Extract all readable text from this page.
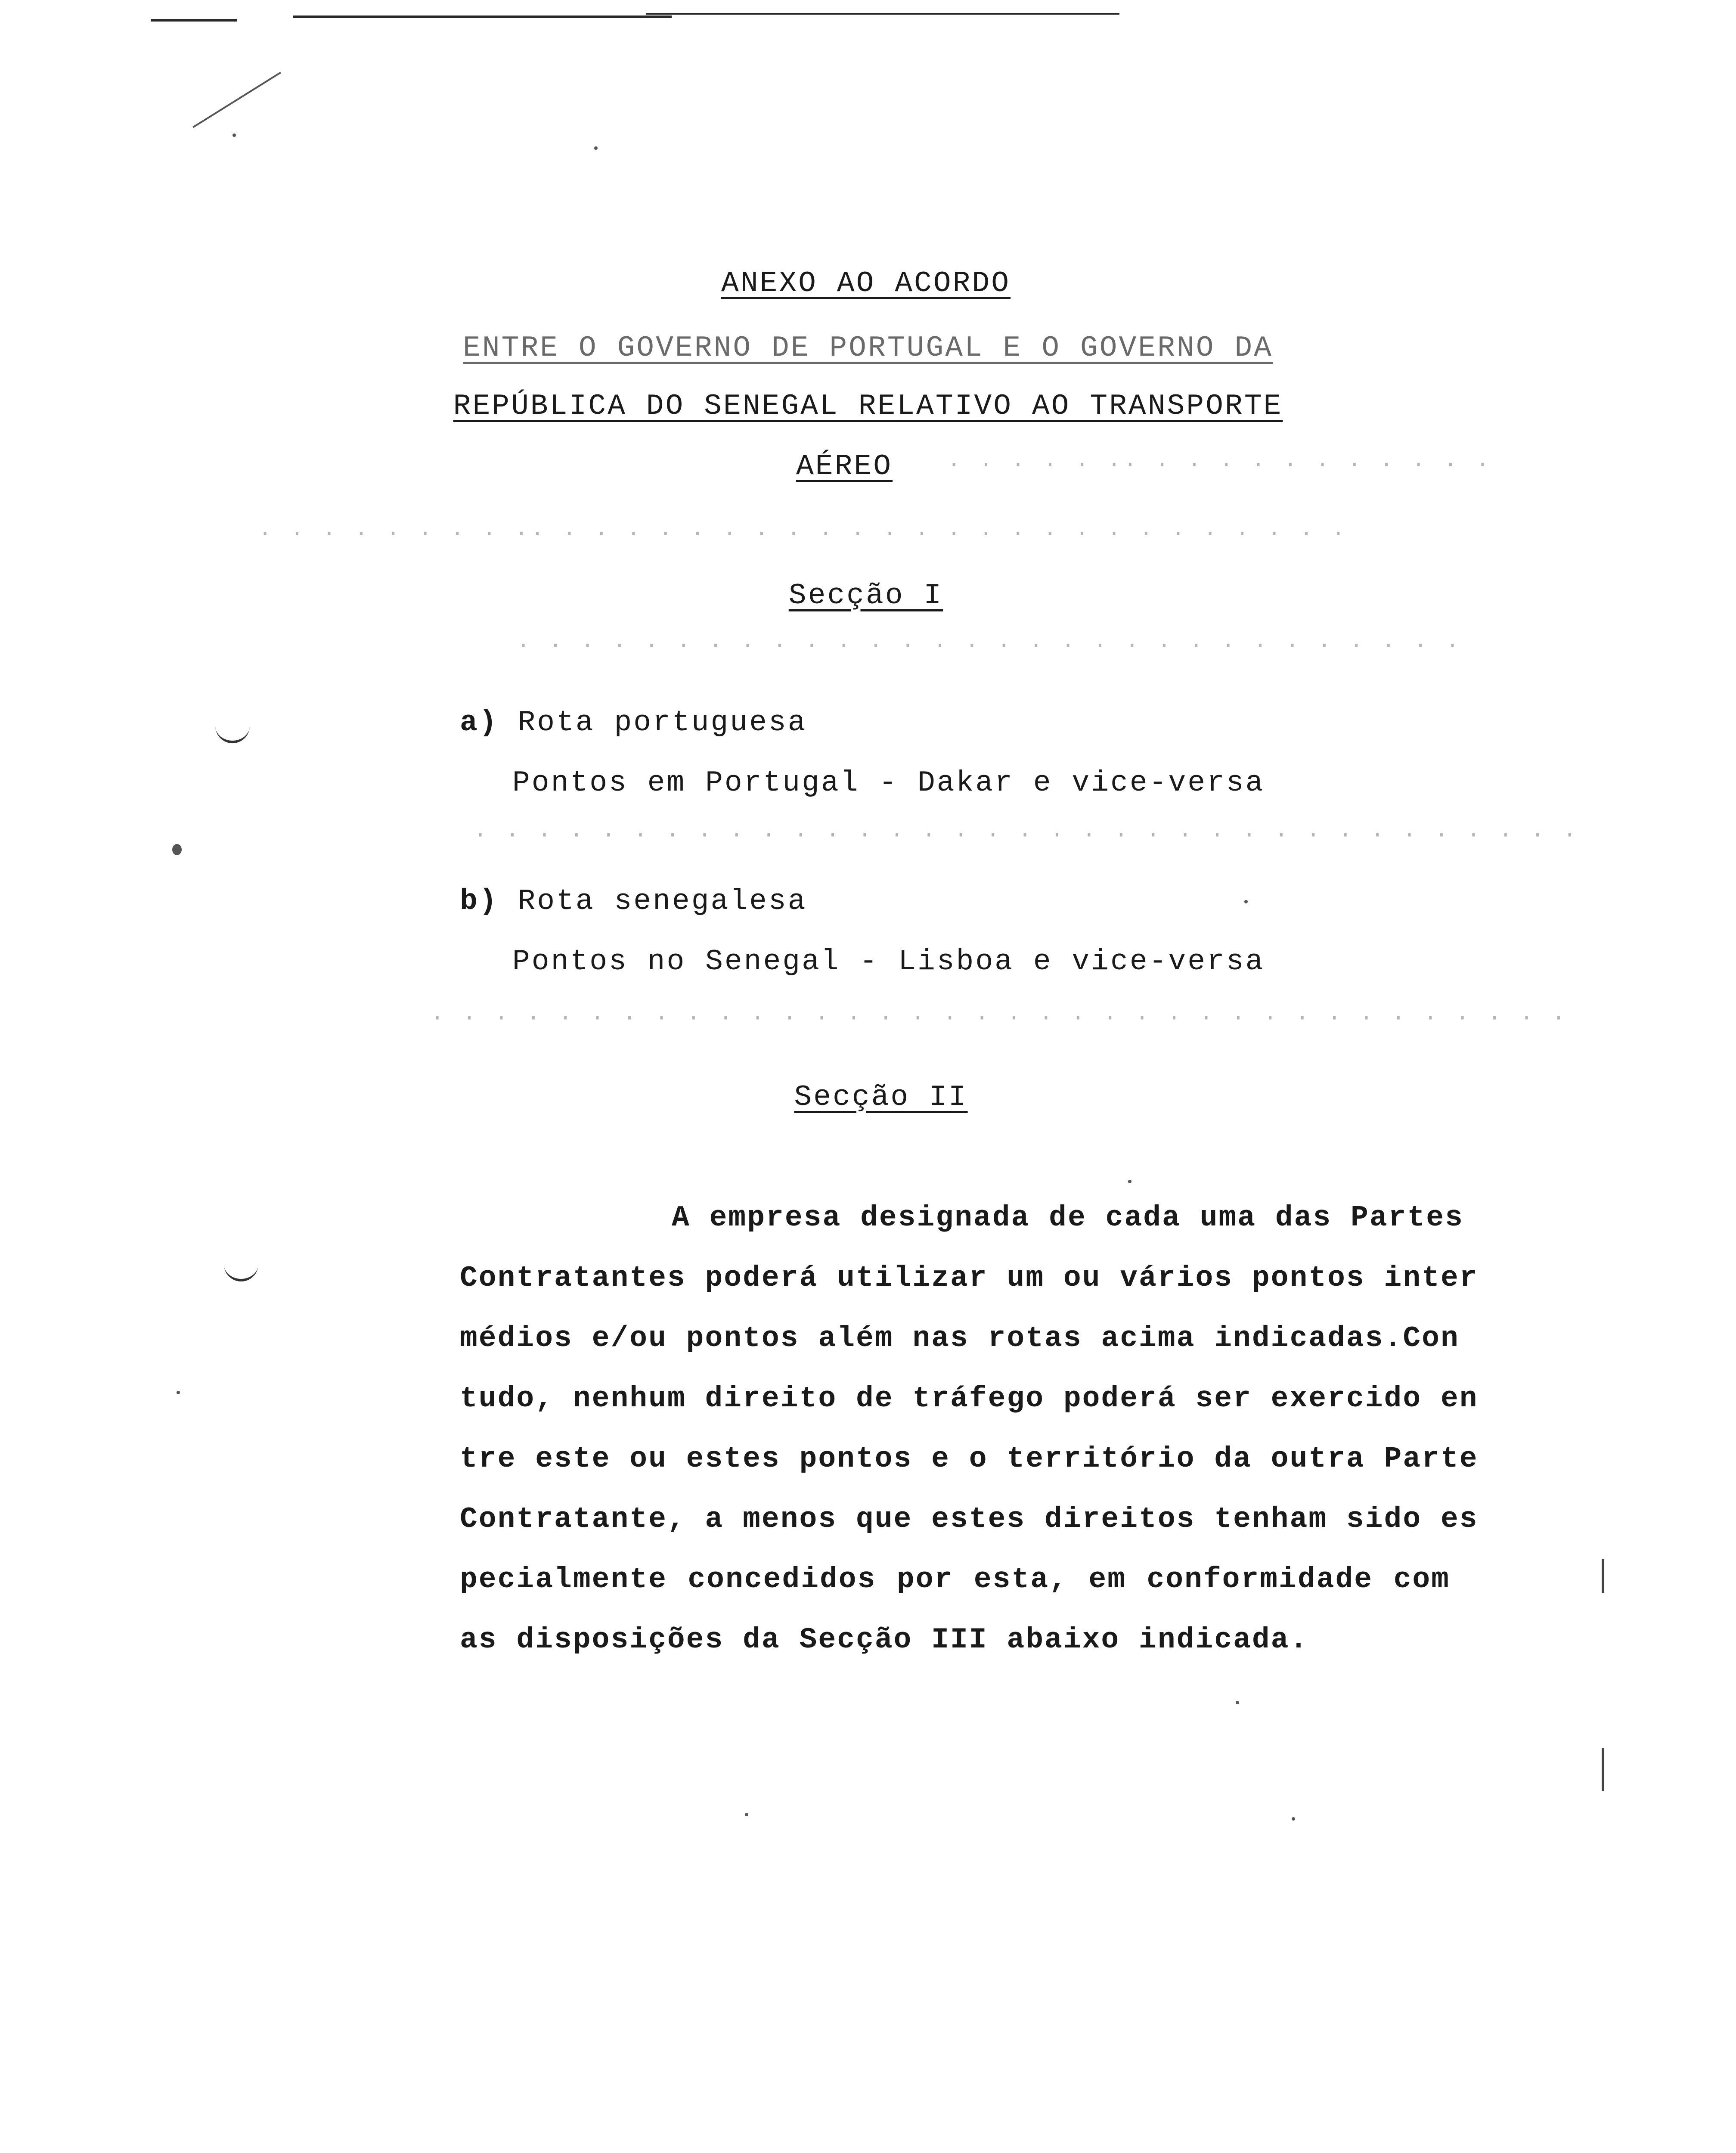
ANEXO AO ACORDO
ENTRE O GOVERNO DE PORTUGAL E O GOVERNO DA
REPÚBLICA DO SENEGAL RELATIVO AO TRANSPORTE
AÉREO	· · · · · ·· · · · · · · · · · · ·
· · · · · · · · ·· · · · · · · · · · · · · · · · · · · · · · · · · ·
· · · · · · · · · · · · · · · · · · · · · · · · · · · · · ·
· · · · · · · · · · · · · · · · · · · · · · · · · · · · · · · · · · ·
· · · · · · · · · · · · · · · · · · · · · · · · · · · · · · · · · · · ·
Secção I
a) Rota portuguesa
Pontos em Portugal - Dakar e vice-versa
b) Rota senegalesa
Pontos no Senegal - Lisboa e vice-versa
Secção II
A empresa designada de cada uma das Partes
Contratantes poderá utilizar um ou vários pontos inter
médios e/ou pontos além nas rotas acima indicadas.Con
tudo, nenhum direito de tráfego poderá ser exercido en
tre este ou estes pontos e o território da outra Parte
Contratante, a menos que estes direitos tenham sido es
pecialmente concedidos por esta, em conformidade com
as disposições da Secção III abaixo indicada.
